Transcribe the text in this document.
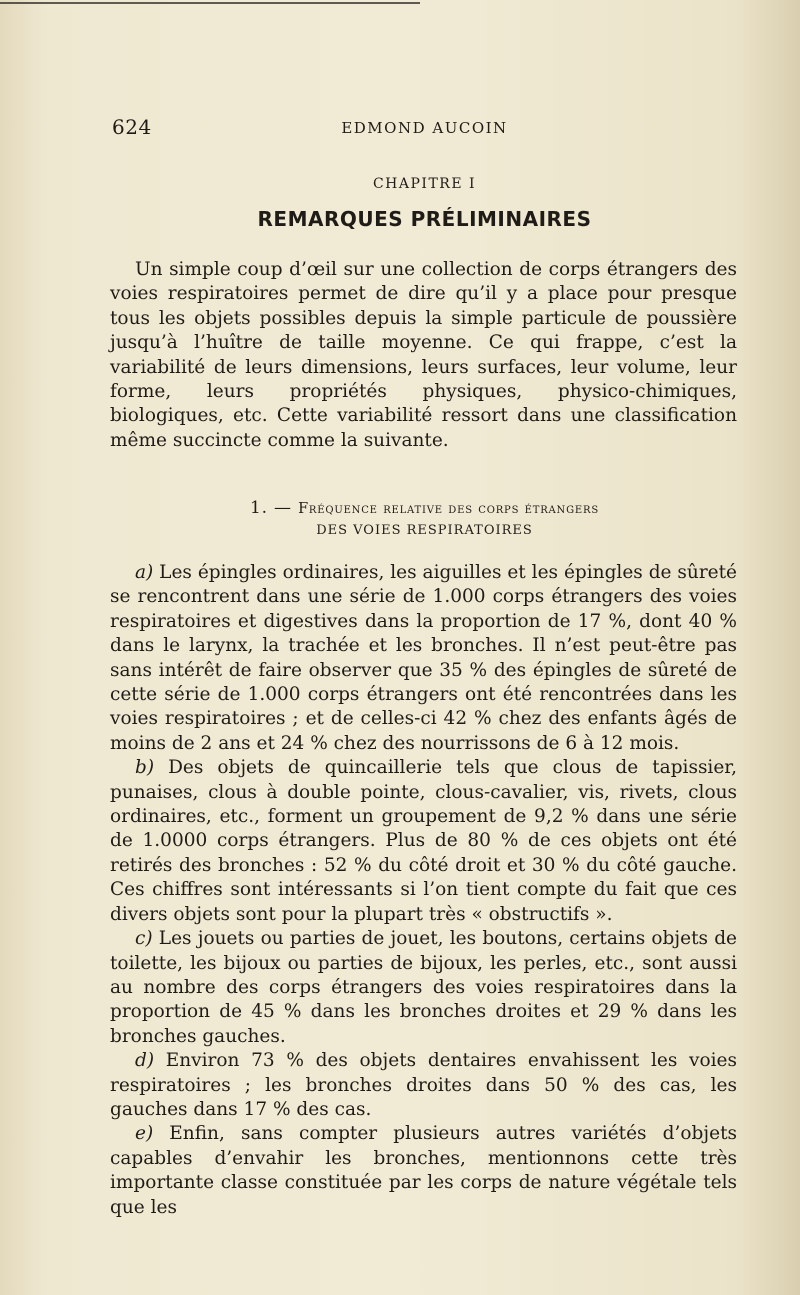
624	EDMOND AUCOIN
CHAPITRE I
REMARQUES PRÉLIMINAIRES

Un simple coup d’œil sur une collection de corps étrangers des voies respiratoires permet de dire qu’il y a place pour presque tous les objets possibles depuis la simple particule de poussière jusqu’à l’huître de taille moyenne. Ce qui frappe, c’est la variabilité de leurs dimensions, leurs surfaces, leur volume, leur forme, leurs propriétés physiques, physico-chimiques, biologiques, etc. Cette variabilité ressort dans une classification même succincte comme la suivante.

1. — Fréquence relative des corps étrangers
DES VOIES RESPIRATOIRES

a) Les épingles ordinaires, les aiguilles et les épingles de sûreté se rencontrent dans une série de 1.000 corps étrangers des voies respiratoires et digestives dans la proportion de 17 %, dont 40 % dans le larynx, la trachée et les bronches. Il n’est peut-être pas sans intérêt de faire observer que 35 % des épingles de sûreté de cette série de 1.000 corps étrangers ont été rencontrées dans les voies respiratoires ; et de celles-ci 42 % chez des enfants âgés de moins de 2 ans et 24 % chez des nourrissons de 6 à 12 mois.

b) Des objets de quincaillerie tels que clous de tapissier, punaises, clous à double pointe, clous-cavalier, vis, rivets, clous ordinaires, etc., forment un groupement de 9,2 % dans une série de 1.0000 corps étrangers. Plus de 80 % de ces objets ont été retirés des bronches : 52 % du côté droit et 30 % du côté gauche. Ces chiffres sont intéressants si l’on tient compte du fait que ces divers objets sont pour la plupart très « obstructifs ».

c) Les jouets ou parties de jouet, les boutons, certains objets de toilette, les bijoux ou parties de bijoux, les perles, etc., sont aussi au nombre des corps étrangers des voies respiratoires dans la proportion de 45 % dans les bronches droites et 29 % dans les bronches gauches.

d) Environ 73 % des objets dentaires envahissent les voies respiratoires ; les bronches droites dans 50 % des cas, les gauches dans 17 % des cas.

e) Enfin, sans compter plusieurs autres variétés d’objets capables d’envahir les bronches, mentionnons cette très importante classe constituée par les corps de nature végétale tels que les
